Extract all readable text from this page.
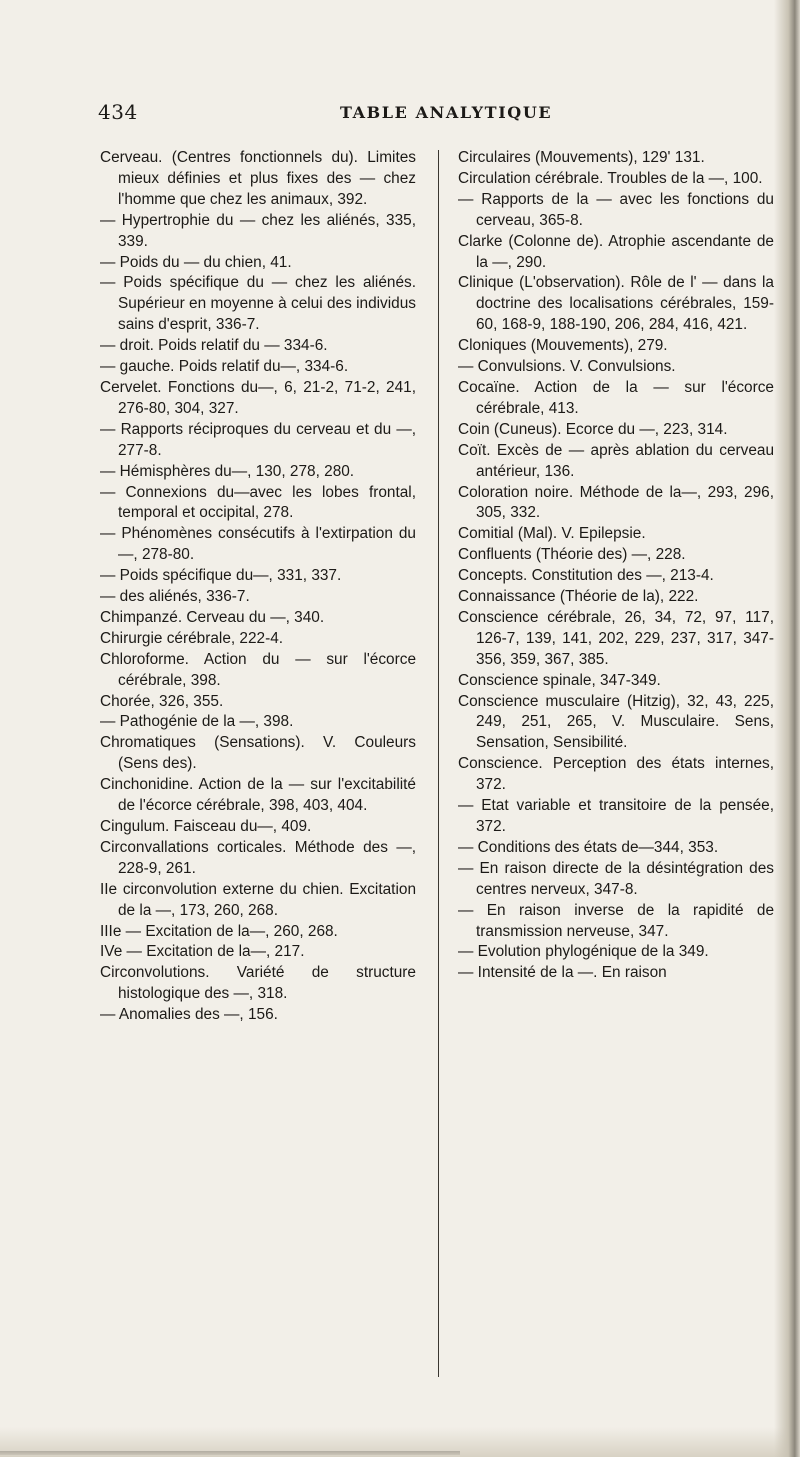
434	TABLE ANALYTIQUE
Cerveau. (Centres fonctionnels du). Limites mieux définies et plus fixes des — chez l'homme que chez les animaux, 392.
— Hypertrophie du — chez les aliénés, 335, 339.
— Poids du — du chien, 41.
— Poids spécifique du — chez les aliénés. Supérieur en moyenne à celui des individus sains d'esprit, 336-7.
— droit. Poids relatif du — 334-6.
— gauche. Poids relatif du—, 334-6.
Cervelet. Fonctions du—, 6, 21-2, 71-2, 241, 276-80, 304, 327.
— Rapports réciproques du cerveau et du —, 277-8.
— Hémisphères du—, 130, 278, 280.
— Connexions du—avec les lobes frontal, temporal et occipital, 278.
— Phénomènes consécutifs à l'extirpation du —, 278-80.
— Poids spécifique du—, 331, 337.
— des aliénés, 336-7.
Chimpanzé. Cerveau du —, 340.
Chirurgie cérébrale, 222-4.
Chloroforme. Action du — sur l'écorce cérébrale, 398.
Chorée, 326, 355.
— Pathogénie de la —, 398.
Chromatiques (Sensations). V. Couleurs (Sens des).
Cinchonidine. Action de la — sur l'excitabilité de l'écorce cérébrale, 398, 403, 404.
Cingulum. Faisceau du—, 409.
Circonvallations corticales. Méthode des —, 228-9, 261.
IIe circonvolution externe du chien. Excitation de la —, 173, 260, 268.
IIIe — Excitation de la—, 260, 268.
IVe — Excitation de la—, 217.
Circonvolutions. Variété de structure histologique des —, 318.
— Anomalies des —, 156.
Circulaires (Mouvements), 129' 131.
Circulation cérébrale. Troubles de la —, 100.
— Rapports de la — avec les fonctions du cerveau, 365-8.
Clarke (Colonne de). Atrophie ascendante de la —, 290.
Clinique (L'observation). Rôle de l' — dans la doctrine des localisations cérébrales, 159-60, 168-9, 188-190, 206, 284, 416, 421.
Cloniques (Mouvements), 279.
— Convulsions. V. Convulsions.
Cocaïne. Action de la — sur l'écorce cérébrale, 413.
Coin (Cuneus). Ecorce du —, 223, 314.
Coït. Excès de — après ablation du cerveau antérieur, 136.
Coloration noire. Méthode de la—, 293, 296, 305, 332.
Comitial (Mal). V. Epilepsie.
Confluents (Théorie des) —, 228.
Concepts. Constitution des —, 213-4.
Connaissance (Théorie de la), 222.
Conscience cérébrale, 26, 34, 72, 97, 117, 126-7, 139, 141, 202, 229, 237, 317, 347-356, 359, 367, 385.
Conscience spinale, 347-349.
Conscience musculaire (Hitzig), 32, 43, 225, 249, 251, 265, V. Musculaire. Sens, Sensation, Sensibilité.
Conscience. Perception des états internes, 372.
— Etat variable et transitoire de la pensée, 372.
— Conditions des états de—344, 353.
— En raison directe de la désintégration des centres nerveux, 347-8.
— En raison inverse de la rapidité de transmission nerveuse, 347.
— Evolution phylogénique de la 349.
— Intensité de la —. En raison
